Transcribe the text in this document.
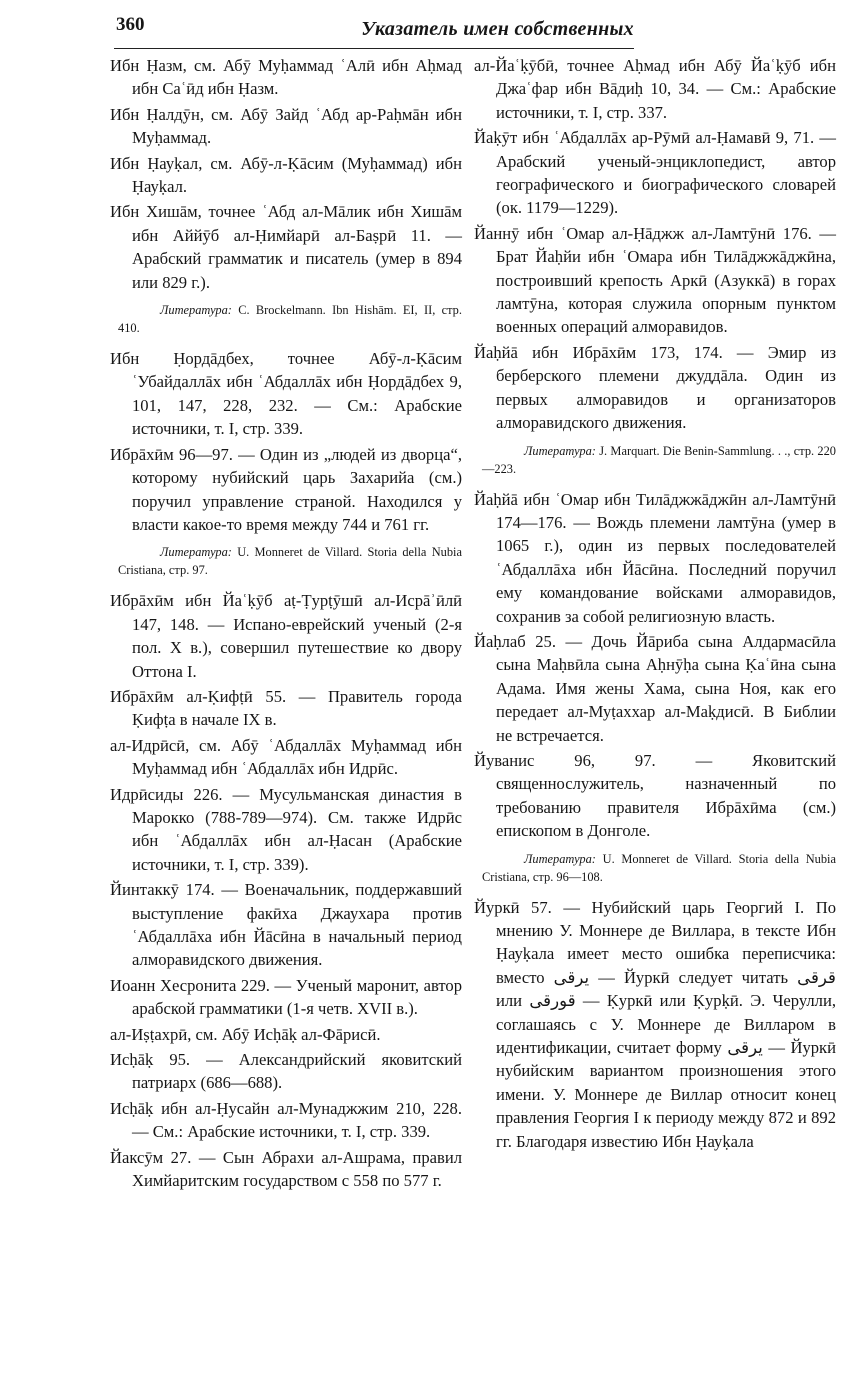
360	Указатель имен собственных

Ибн Ḥазм, см. Абӯ Муḥаммад ʿАлӣ ибн Аḥмад ибн Саʿӣд ибн Ḥазм.

Ибн Ḥалдӯн, см. Абӯ Зайд ʿАбд ар-Раḥмāн ибн Муḥаммад.

Ибн Ḥауḳал, см. Абӯ-л-Ḳāсим (Муḥаммад) ибн Ḥауḳал.

Ибн Хишāм, точнее ʿАбд ал-Мāлик ибн Хишāм ибн Аййӯб ал-Ḥимйарӣ ал-Баṣрӣ 11. — Арабский грамматик и писатель (умер в 894 или 829 г.).

Литература: C. Brockelmann. Ibn Hishām. EI, II, стр. 410.

Ибн Ḥордāдбех, точнее Абӯ-л-Ḳāсим ʿУбайдаллāх ибн ʿАбдаллāх ибн Ḥордāдбех 9, 101, 147, 228, 232. — См.: Арабские источники, т. I, стр. 339.

Ибрāхӣм 96—97. — Один из „людей из дворца“, которому нубийский царь Захарийа (см.) поручил управление страной. Находился у власти какое-то время между 744 и 761 гг.

Литература: U. Monneret de Villard. Storia della Nubia Cristiana, стр. 97.

Ибрāхӣм ибн Йаʿḳӯб аṭ-Ṭурṭӯшӣ ал-Исрāʾӣлӣ 147, 148. — Испано-еврейский ученый (2-я пол. X в.), совершил путешествие ко двору Оттона I.

Ибрāхӣм ал-Ḳифṭӣ 55. — Правитель города Ḳифṭа в начале IX в.

ал-Идрӣсӣ, см. Абӯ ʿАбдаллāх Муḥаммад ибн Муḥаммад ибн ʿАбдаллāх ибн Идрӣс.

Идрӣсиды 226. — Мусульманская династия в Марокко (788-789—974). См. также Идрӣс ибн ʿАбдаллāх ибн ал-Ḥасан (Арабские источники, т. I, стр. 339).

Йинтаккӯ 174. — Военачальник, поддержавший выступление факӣха Джаухара против ʿАбдаллāха ибн Йāсӣна в начальный период алморавидского движения.

Иоанн Хесронита 229. — Ученый маронит, автор арабской грамматики (1-я четв. XVII в.).

ал-Иṣṭахрӣ, см. Абӯ Исḥāḳ ал-Фāрисӣ.

Исḥāḳ 95. — Александрийский яковитский патриарх (686—688).

Исḥāḳ ибн ал-Ḥусайн ал-Мунаджжим 210, 228. — См.: Арабские источники, т. I, стр. 339.

Йаксӯм 27. — Сын Абрахи ал-Ашрама, правил Химйаритским государством с 558 по 577 г.

ал-Йаʿḳӯбӣ, точнее Аḥмад ибн Абӯ Йаʿḳӯб ибн Джаʿфар ибн Вāдиḥ 10, 34. — См.: Арабские источники, т. I, стр. 337.

Йаḳӯт ибн ʿАбдаллāх ар-Рӯмӣ ал-Ḥамавӣ 9, 71. — Арабский ученый-энциклопедист, автор географического и биографического словарей (ок. 1179—1229).

Йаннӯ ибн ʿОмар ал-Ḥāджж ал-Ламтӯнӣ 176. — Брат Йаḥйи ибн ʿОмара ибн Тилāджжāджӣна, построивший крепость Аркӣ (Азуккā) в горах ламтӯна, которая служила опорным пунктом военных операций алморавидов.

Йаḥйā ибн Ибрāхӣм 173, 174. — Эмир из берберского племени джуддāла. Один из первых алморавидов и организаторов алморавидского движения.

Литература: J. Marquart. Die Benin-Sammlung. . ., стр. 220—223.

Йаḥйā ибн ʿОмар ибн Тилāджжāджӣн ал-Ламтӯнӣ 174—176. — Вождь племени ламтӯна (умер в 1065 г.), один из первых последователей ʿАбдаллāха ибн Йāсӣна. Последний поручил ему командование войсками алморавидов, сохранив за собой религиозную власть.

Йаḥлаб 25. — Дочь Йāриба сына Алдармасӣла сына Маḥвӣла сына Аḥнӯḥа сына Ḳаʿӣна сына Адама. Имя жены Хама, сына Ноя, как его передает ал-Муṭаххар ал-Маḳдисӣ. В Библии не встречается.

Йуванис 96, 97. — Яковитский священнослужитель, назначенный по требованию правителя Ибрāхӣма (см.) епископом в Донголе.

Литература: U. Monneret de Villard. Storia della Nubia Cristiana, стр. 96—108.

Йуркӣ 57. — Нубийский царь Георгий I. По мнению У. Моннере де Виллара, в тексте Ибн Ḥауḳала имеет место ошибка переписчика: вместо يرقى — Йуркӣ следует читать قرقى или قورقى — Ḳуркӣ или Ḳурḳӣ. Э. Черулли, соглашаясь с У. Моннере де Вилларом в идентификации, считает форму يرقى — Йуркӣ нубийским вариантом произношения этого имени. У. Моннере де Виллар относит конец правления Георгия I к периоду между 872 и 892 гг. Благодаря известию Ибн Ḥауḳала
